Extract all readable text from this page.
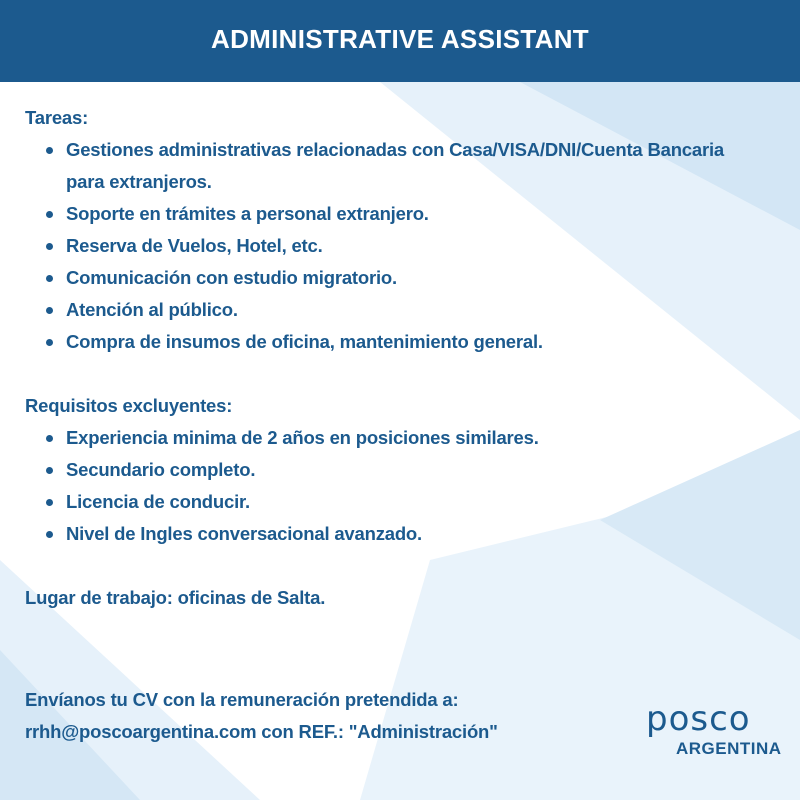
ADMINISTRATIVE ASSISTANT

Tareas:

Gestiones administrativas relacionadas con Casa/VISA/DNI/Cuenta Bancaria para extranjeros.
Soporte en trámites a personal extranjero.
Reserva de Vuelos, Hotel, etc.
Comunicación con estudio migratorio.
Atención al público.
Compra de insumos de oficina, mantenimiento general.

Requisitos excluyentes:

Experiencia minima de 2 años en posiciones similares.
Secundario completo.
Licencia de conducir.
Nivel de Ingles conversacional avanzado.

Lugar de trabajo: oficinas de Salta.

Envíanos tu CV con la remuneración pretendida a:

rrhh@poscoargentina.com con REF.: "Administración"	posco
ARGENTINA
